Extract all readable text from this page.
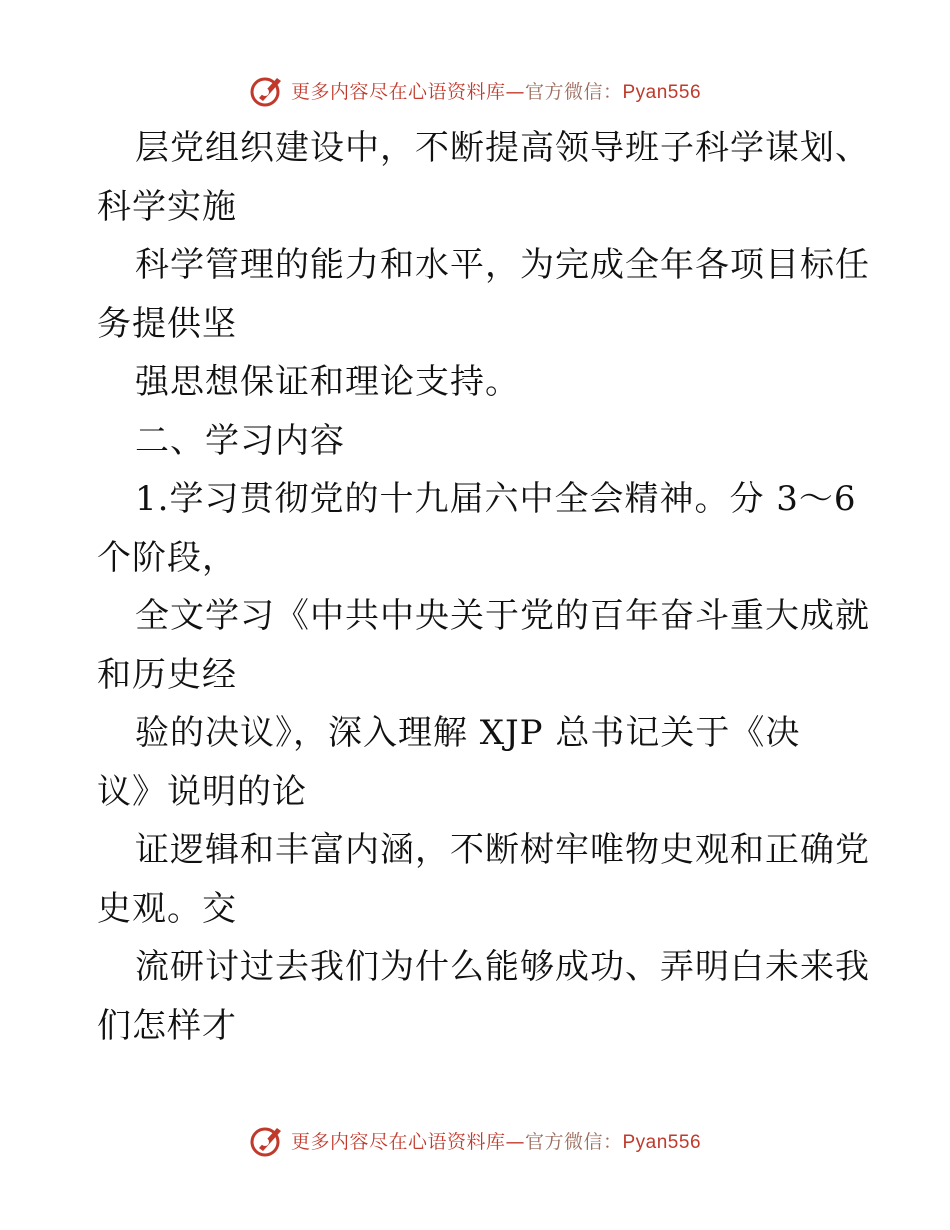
更多内容尽在心语资料库—官方微信：Pyan556
层党组织建设中，不断提高领导班子科学谋划、
科学实施
科学管理的能力和水平，为完成全年各项目标任
务提供坚
强思想保证和理论支持。
二、学习内容
1.学习贯彻党的十九届六中全会精神。分 3～6
个阶段，
全文学习《中共中央关于党的百年奋斗重大成就
和历史经
验的决议》，深入理解 XJP 总书记关于《决
议》说明的论
证逻辑和丰富内涵，不断树牢唯物史观和正确党
史观。交
流研讨过去我们为什么能够成功、弄明白未来我
们怎样才
更多内容尽在心语资料库—官方微信：Pyan556
